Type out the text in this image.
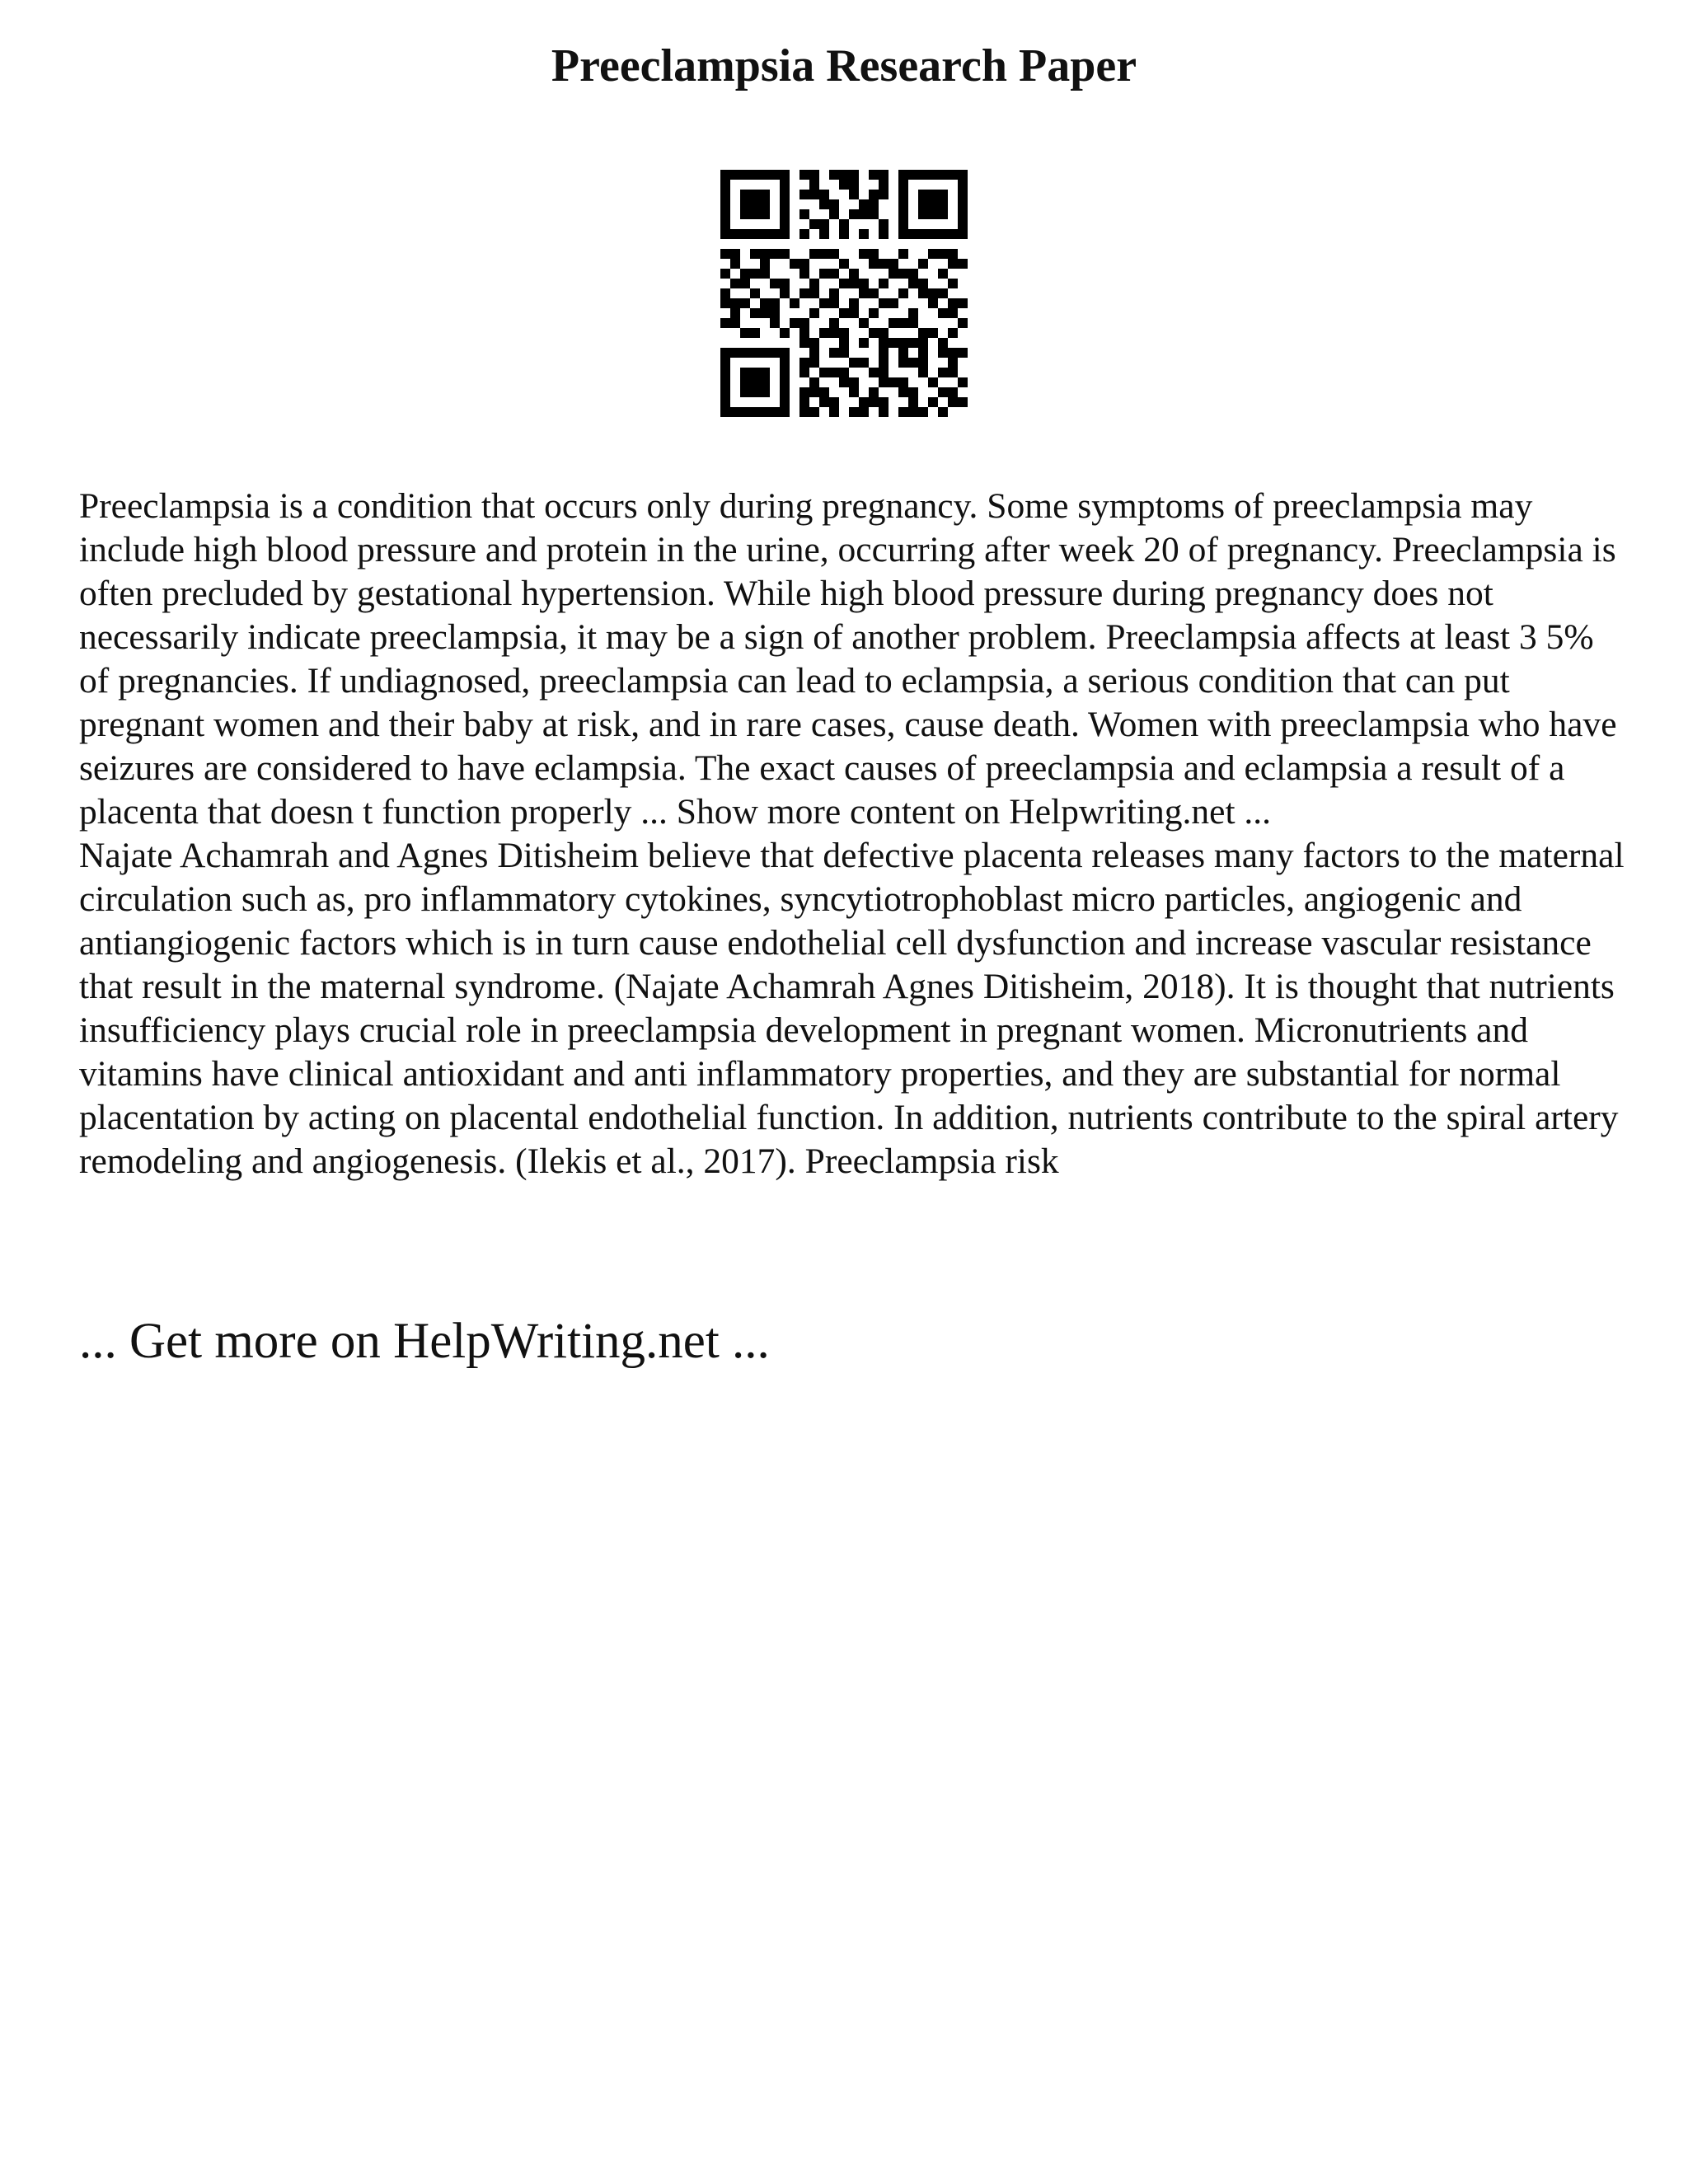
Preeclampsia Research Paper

Preeclampsia is a condition that occurs only during pregnancy. Some symptoms of preeclampsia may include high blood pressure and protein in the urine, occurring after week 20 of pregnancy. Preeclampsia is often precluded by gestational hypertension. While high blood pressure during pregnancy does not necessarily indicate preeclampsia, it may be a sign of another problem. Preeclampsia affects at least 3 5% of pregnancies. If undiagnosed, preeclampsia can lead to eclampsia, a serious condition that can put pregnant women and their baby at risk, and in rare cases, cause death. Women with preeclampsia who have seizures are considered to have eclampsia. The exact causes of preeclampsia and eclampsia a result of a placenta that doesn t function properly ... Show more content on Helpwriting.net ...

Najate Achamrah and Agnes Ditisheim believe that defective placenta releases many factors to the maternal circulation such as, pro inflammatory cytokines, syncytiotrophoblast micro particles, angiogenic and antiangiogenic factors which is in turn cause endothelial cell dysfunction and increase vascular resistance that result in the maternal syndrome. (Najate Achamrah Agnes Ditisheim, 2018). It is thought that nutrients insufficiency plays crucial role in preeclampsia development in pregnant women. Micronutrients and vitamins have clinical antioxidant and anti inflammatory properties, and they are substantial for normal placentation by acting on placental endothelial function. In addition, nutrients contribute to the spiral artery remodeling and angiogenesis. (Ilekis et al., 2017). Preeclampsia risk

... Get more on HelpWriting.net ...
